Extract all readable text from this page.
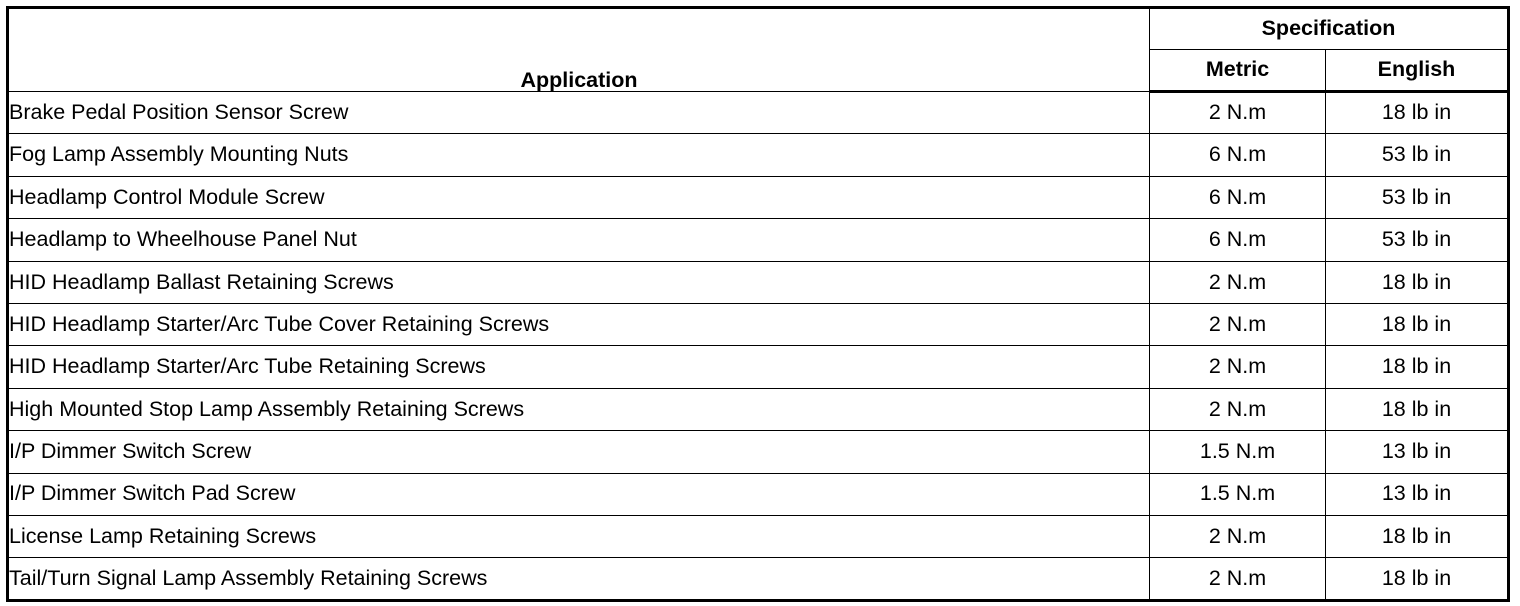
Application	Specification	
	Metric	English
Brake Pedal Position Sensor Screw	2 N.m	18 lb in
Fog Lamp Assembly Mounting Nuts	6 N.m	53 lb in
Headlamp Control Module Screw	6 N.m	53 lb in
Headlamp to Wheelhouse Panel Nut	6 N.m	53 lb in
HID Headlamp Ballast Retaining Screws	2 N.m	18 lb in
HID Headlamp Starter/Arc Tube Cover Retaining Screws	2 N.m	18 lb in
HID Headlamp Starter/Arc Tube Retaining Screws	2 N.m	18 lb in
High Mounted Stop Lamp Assembly Retaining Screws	2 N.m	18 lb in
I/P Dimmer Switch Screw	1.5 N.m	13 lb in
I/P Dimmer Switch Pad Screw	1.5 N.m	13 lb in
License Lamp Retaining Screws	2 N.m	18 lb in
Tail/Turn Signal Lamp Assembly Retaining Screws	2 N.m	18 lb in
